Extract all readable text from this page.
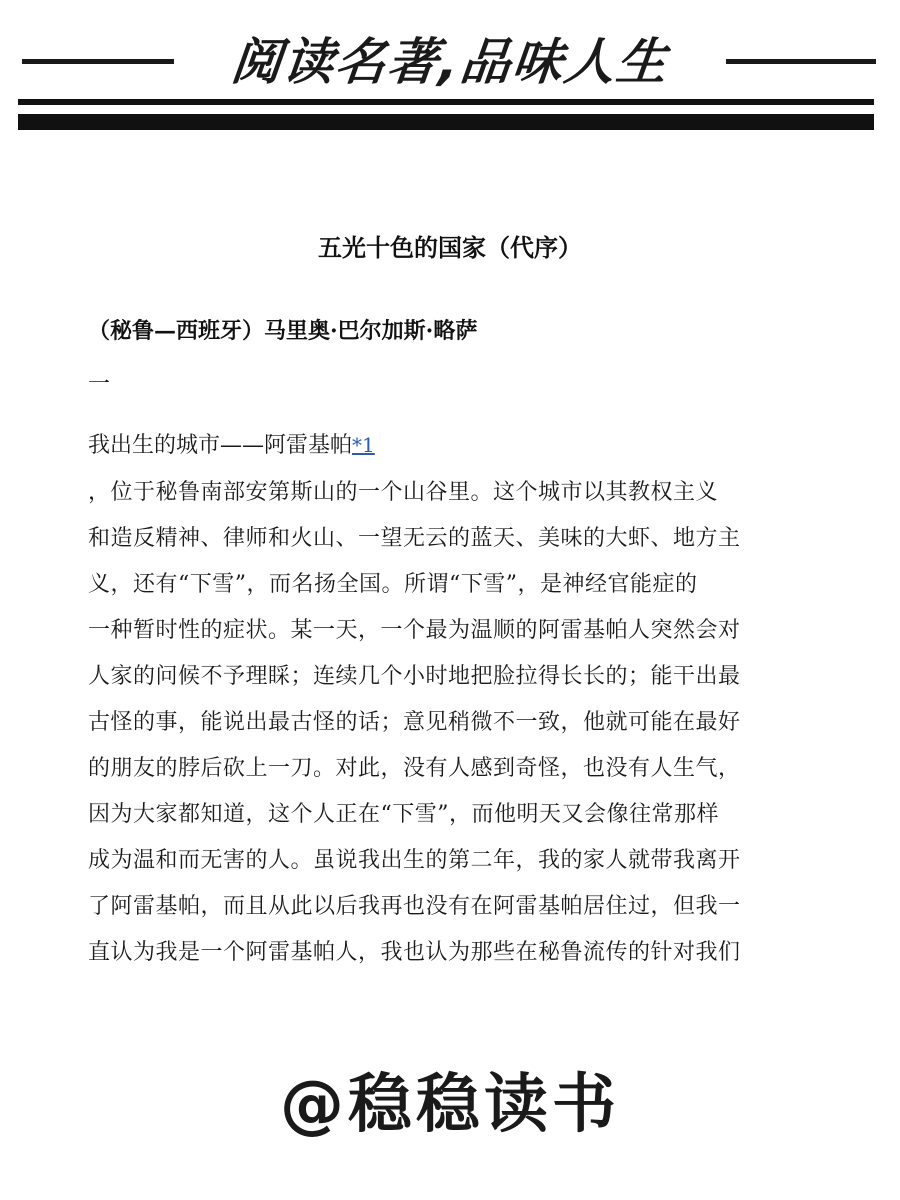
阅读名著,品味人生
五光十色的国家（代序）
（秘鲁—西班牙）马里奥·巴尔加斯·略萨
一
我出生的城市——阿雷基帕*1
，位于秘鲁南部安第斯山的一个山谷里。这个城市以其教权主义
和造反精神、律师和火山、一望无云的蓝天、美味的大虾、地方主
义，还有“下雪”，而名扬全国。所谓“下雪”，是神经官能症的
一种暂时性的症状。某一天，一个最为温顺的阿雷基帕人突然会对
人家的问候不予理睬；连续几个小时地把脸拉得长长的；能干出最
古怪的事，能说出最古怪的话；意见稍微不一致，他就可能在最好
的朋友的脖后砍上一刀。对此，没有人感到奇怪，也没有人生气，
因为大家都知道，这个人正在“下雪”，而他明天又会像往常那样
成为温和而无害的人。虽说我出生的第二年，我的家人就带我离开
了阿雷基帕，而且从此以后我再也没有在阿雷基帕居住过，但我一
直认为我是一个阿雷基帕人，我也认为那些在秘鲁流传的针对我们
@稳稳读书
